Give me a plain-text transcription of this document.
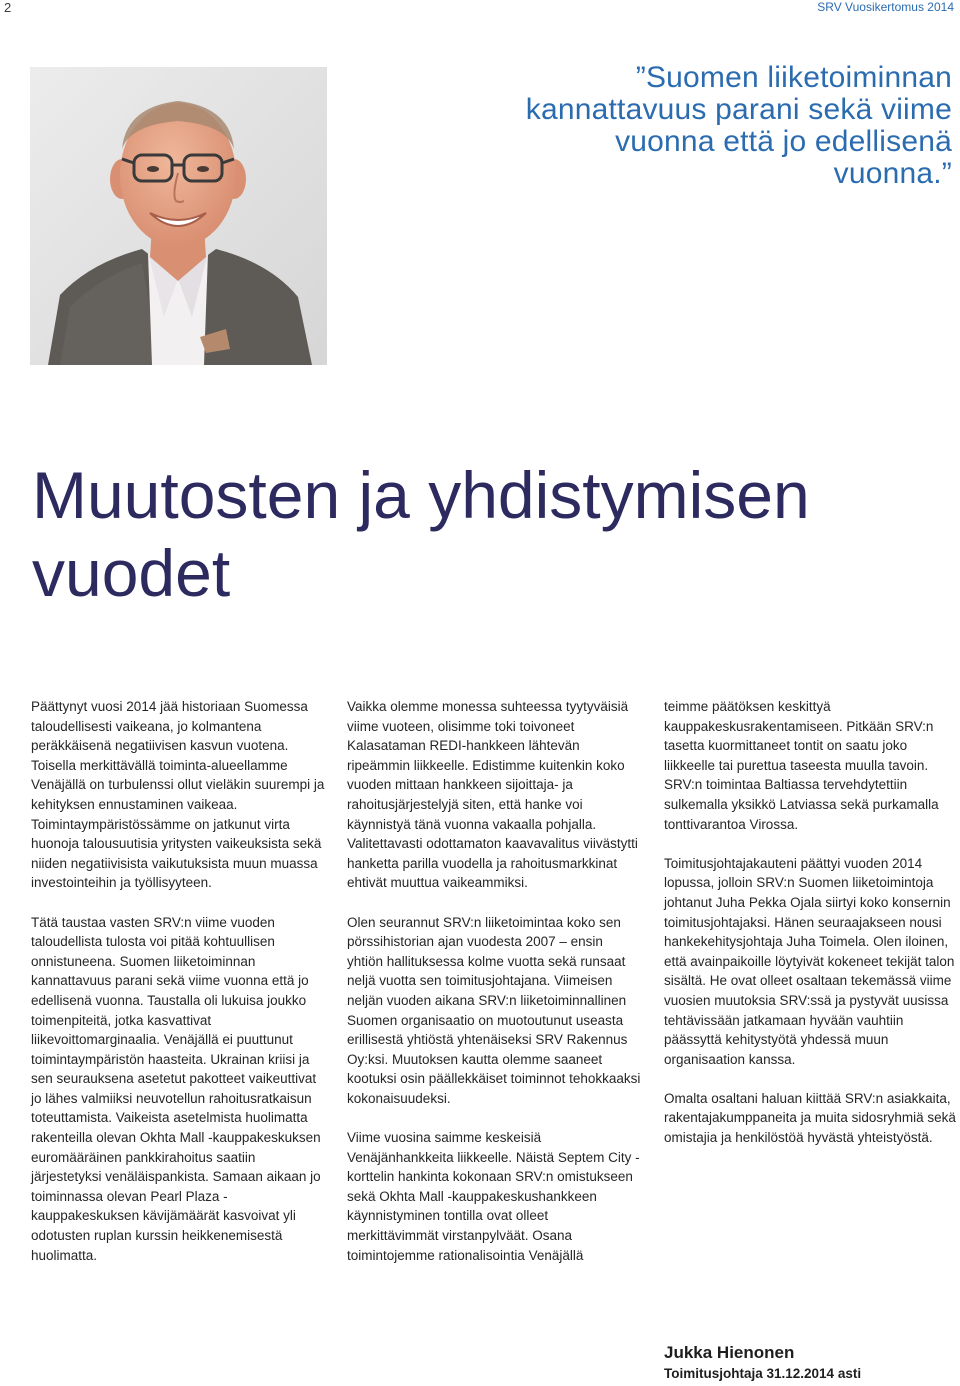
2	SRV Vuosikertomus 2014
”Suomen liiketoiminnan kannattavuus parani sekä viime vuonna että jo edellisenä vuonna.”
Muutosten ja yhdistymisen vuodet

Päättynyt vuosi 2014 jää historiaan Suomessa taloudellisesti vaikeana, jo kolmantena peräkkäisenä negatiivisen kasvun vuotena. Toisella merkittävällä toiminta-alueellamme Venäjällä on turbulenssi ollut vieläkin suurempi ja kehityksen ennustaminen vaikeaa. Toimintaympäristössämme on jatkunut virta huonoja talousuutisia yritysten vaikeuksista sekä niiden negatiivisista vaikutuksista muun muassa investointeihin ja työllisyyteen.

Tätä taustaa vasten SRV:n viime vuoden taloudellista tulosta voi pitää kohtuullisen onnistuneena. Suomen liiketoiminnan kannattavuus parani sekä viime vuonna että jo edellisenä vuonna. Taustalla oli lukuisa joukko toimenpiteitä, jotka kasvattivat liikevoittomarginaalia. Venäjällä ei puuttunut toimintaympäristön haasteita. Ukrainan kriisi ja sen seurauksena asetetut pakotteet vaikeuttivat jo lähes valmiiksi neuvotellun rahoitusratkaisun toteuttamista. Vaikeista asetelmista huolimatta rakenteilla olevan Okhta Mall -kauppakeskuksen euromääräinen pankkirahoitus saatiin järjestetyksi venäläispankista. Samaan aikaan jo toiminnassa olevan Pearl Plaza -kauppakeskuksen kävijämäärät kasvoivat yli odotusten ruplan kurssin heikkenemisestä huolimatta.

Vaikka olemme monessa suhteessa tyytyväisiä viime vuoteen, olisimme toki toivoneet Kalasataman REDI-hankkeen lähtevän ripeämmin liikkeelle. Edistimme kuitenkin koko vuoden mittaan hankkeen sijoittaja- ja rahoitusjärjestelyjä siten, että hanke voi käynnistyä tänä vuonna vakaalla pohjalla. Valitettavasti odottamaton kaavavalitus viivästytti hanketta parilla vuodella ja rahoitusmarkkinat ehtivät muuttua vaikeammiksi.

Olen seurannut SRV:n liiketoimintaa koko sen pörssihistorian ajan vuodesta 2007 – ensin yhtiön hallituksessa kolme vuotta sekä runsaat neljä vuotta sen toimitusjohtajana. Viimeisen neljän vuoden aikana SRV:n liiketoiminnallinen Suomen organisaatio on muotoutunut useasta erillisestä yhtiöstä yhtenäiseksi SRV Rakennus Oy:ksi. Muutoksen kautta olemme saaneet kootuksi osin päällekkäiset toiminnot tehokkaaksi kokonaisuudeksi.

Viime vuosina saimme keskeisiä Venäjänhankkeita liikkeelle. Näistä Septem City -korttelin hankinta kokonaan SRV:n omistukseen sekä Okhta Mall -kauppakeskushankkeen käynnistyminen tontilla ovat olleet merkittävimmät virstanpylväät. Osana toimintojemme rationalisointia Venäjällä

teimme päätöksen keskittyä kauppakeskusrakentamiseen. Pitkään SRV:n tasetta kuormittaneet tontit on saatu joko liikkeelle tai purettua taseesta muulla tavoin. SRV:n toimintaa Baltiassa tervehdytettiin sulkemalla yksikkö Latviassa sekä purkamalla tonttivarantoa Virossa.

Toimitusjohtajakauteni päättyi vuoden 2014 lopussa, jolloin SRV:n Suomen liiketoimintoja johtanut Juha Pekka Ojala siirtyi koko konsernin toimitusjohtajaksi. Hänen seuraajakseen nousi hankekehitysjohtaja Juha Toimela. Olen iloinen, että avainpaikoille löytyivät kokeneet tekijät talon sisältä. He ovat olleet osaltaan tekemässä viime vuosien muutoksia SRV:ssä ja pystyvät uusissa tehtävissään jatkamaan hyvään vauhtiin päässyttä kehitystyötä yhdessä muun organisaation kanssa.

Omalta osaltani haluan kiittää SRV:n asiakkaita, rakentajakumppaneita ja muita sidosryhmiä sekä omistajia ja henkilöstöä hyvästä yhteistyöstä.

Jukka Hienonen
Toimitusjohtaja 31.12.2014 asti
